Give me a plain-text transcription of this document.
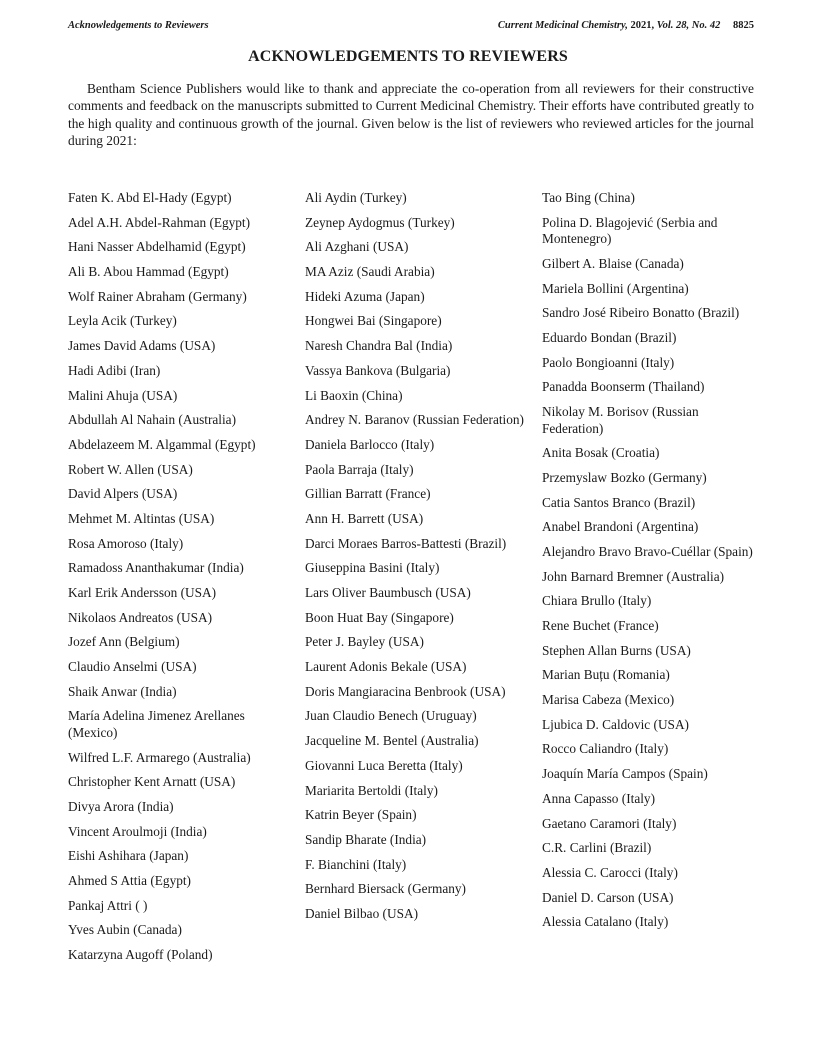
Acknowledgements to Reviewers	Current Medicinal Chemistry, 2021, Vol. 28, No. 42 8825
ACKNOWLEDGEMENTS TO REVIEWERS

Bentham Science Publishers would like to thank and appreciate the co-operation from all reviewers for their constructive comments and feedback on the manuscripts submitted to Current Medicinal Chemistry. Their efforts have contributed greatly to the high quality and continuous growth of the journal. Given below is the list of reviewers who reviewed articles for the journal during 2021:

Faten K. Abd El-Hady (Egypt)
Adel A.H. Abdel-Rahman (Egypt)
Hani Nasser Abdelhamid (Egypt)
Ali B. Abou Hammad (Egypt)
Wolf Rainer Abraham (Germany)
Leyla Acik (Turkey)
James David Adams (USA)
Hadi Adibi (Iran)
Malini Ahuja (USA)
Abdullah Al Nahain (Australia)
Abdelazeem M. Algammal (Egypt)
Robert W. Allen (USA)
David Alpers (USA)
Mehmet M. Altintas (USA)
Rosa Amoroso (Italy)
Ramadoss Ananthakumar (India)
Karl Erik Andersson (USA)
Nikolaos Andreatos (USA)
Jozef Ann (Belgium)
Claudio Anselmi (USA)
Shaik Anwar (India)
María Adelina Jimenez Arellanes (Mexico)
Wilfred L.F. Armarego (Australia)
Christopher Kent Arnatt (USA)
Divya Arora (India)
Vincent Aroulmoji (India)
Eishi Ashihara (Japan)
Ahmed S Attia (Egypt)
Pankaj Attri ( )
Yves Aubin (Canada)
Katarzyna Augoff (Poland)
Ali Aydin (Turkey)
Zeynep Aydogmus (Turkey)
Ali Azghani (USA)
MA Aziz (Saudi Arabia)
Hideki Azuma (Japan)
Hongwei Bai (Singapore)
Naresh Chandra Bal (India)
Vassya Bankova (Bulgaria)
Li Baoxin (China)
Andrey N. Baranov (Russian Federation)
Daniela Barlocco (Italy)
Paola Barraja (Italy)
Gillian Barratt (France)
Ann H. Barrett (USA)
Darci Moraes Barros-Battesti (Brazil)
Giuseppina Basini (Italy)
Lars Oliver Baumbusch (USA)
Boon Huat Bay (Singapore)
Peter J. Bayley (USA)
Laurent Adonis Bekale (USA)
Doris Mangiaracina Benbrook (USA)
Juan Claudio Benech (Uruguay)
Jacqueline M. Bentel (Australia)
Giovanni Luca Beretta (Italy)
Mariarita Bertoldi (Italy)
Katrin Beyer (Spain)
Sandip Bharate (India)
F. Bianchini (Italy)
Bernhard Biersack (Germany)
Daniel Bilbao (USA)
Tao Bing (China)
Polina D. Blagojević (Serbia and Montenegro)
Gilbert A. Blaise (Canada)
Mariela Bollini (Argentina)
Sandro José Ribeiro Bonatto (Brazil)
Eduardo Bondan (Brazil)
Paolo Bongioanni (Italy)
Panadda Boonserm (Thailand)
Nikolay M. Borisov (Russian Federation)
Anita Bosak (Croatia)
Przemyslaw Bozko (Germany)
Catia Santos Branco (Brazil)
Anabel Brandoni (Argentina)
Alejandro Bravo Bravo-Cuéllar (Spain)
John Barnard Bremner (Australia)
Chiara Brullo (Italy)
Rene Buchet (France)
Stephen Allan Burns (USA)
Marian Buțu (Romania)
Marisa Cabeza (Mexico)
Ljubica D. Caldovic (USA)
Rocco Caliandro (Italy)
Joaquín María Campos (Spain)
Anna Capasso (Italy)
Gaetano Caramori (Italy)
C.R. Carlini (Brazil)
Alessia C. Carocci (Italy)
Daniel D. Carson (USA)
Alessia Catalano (Italy)
